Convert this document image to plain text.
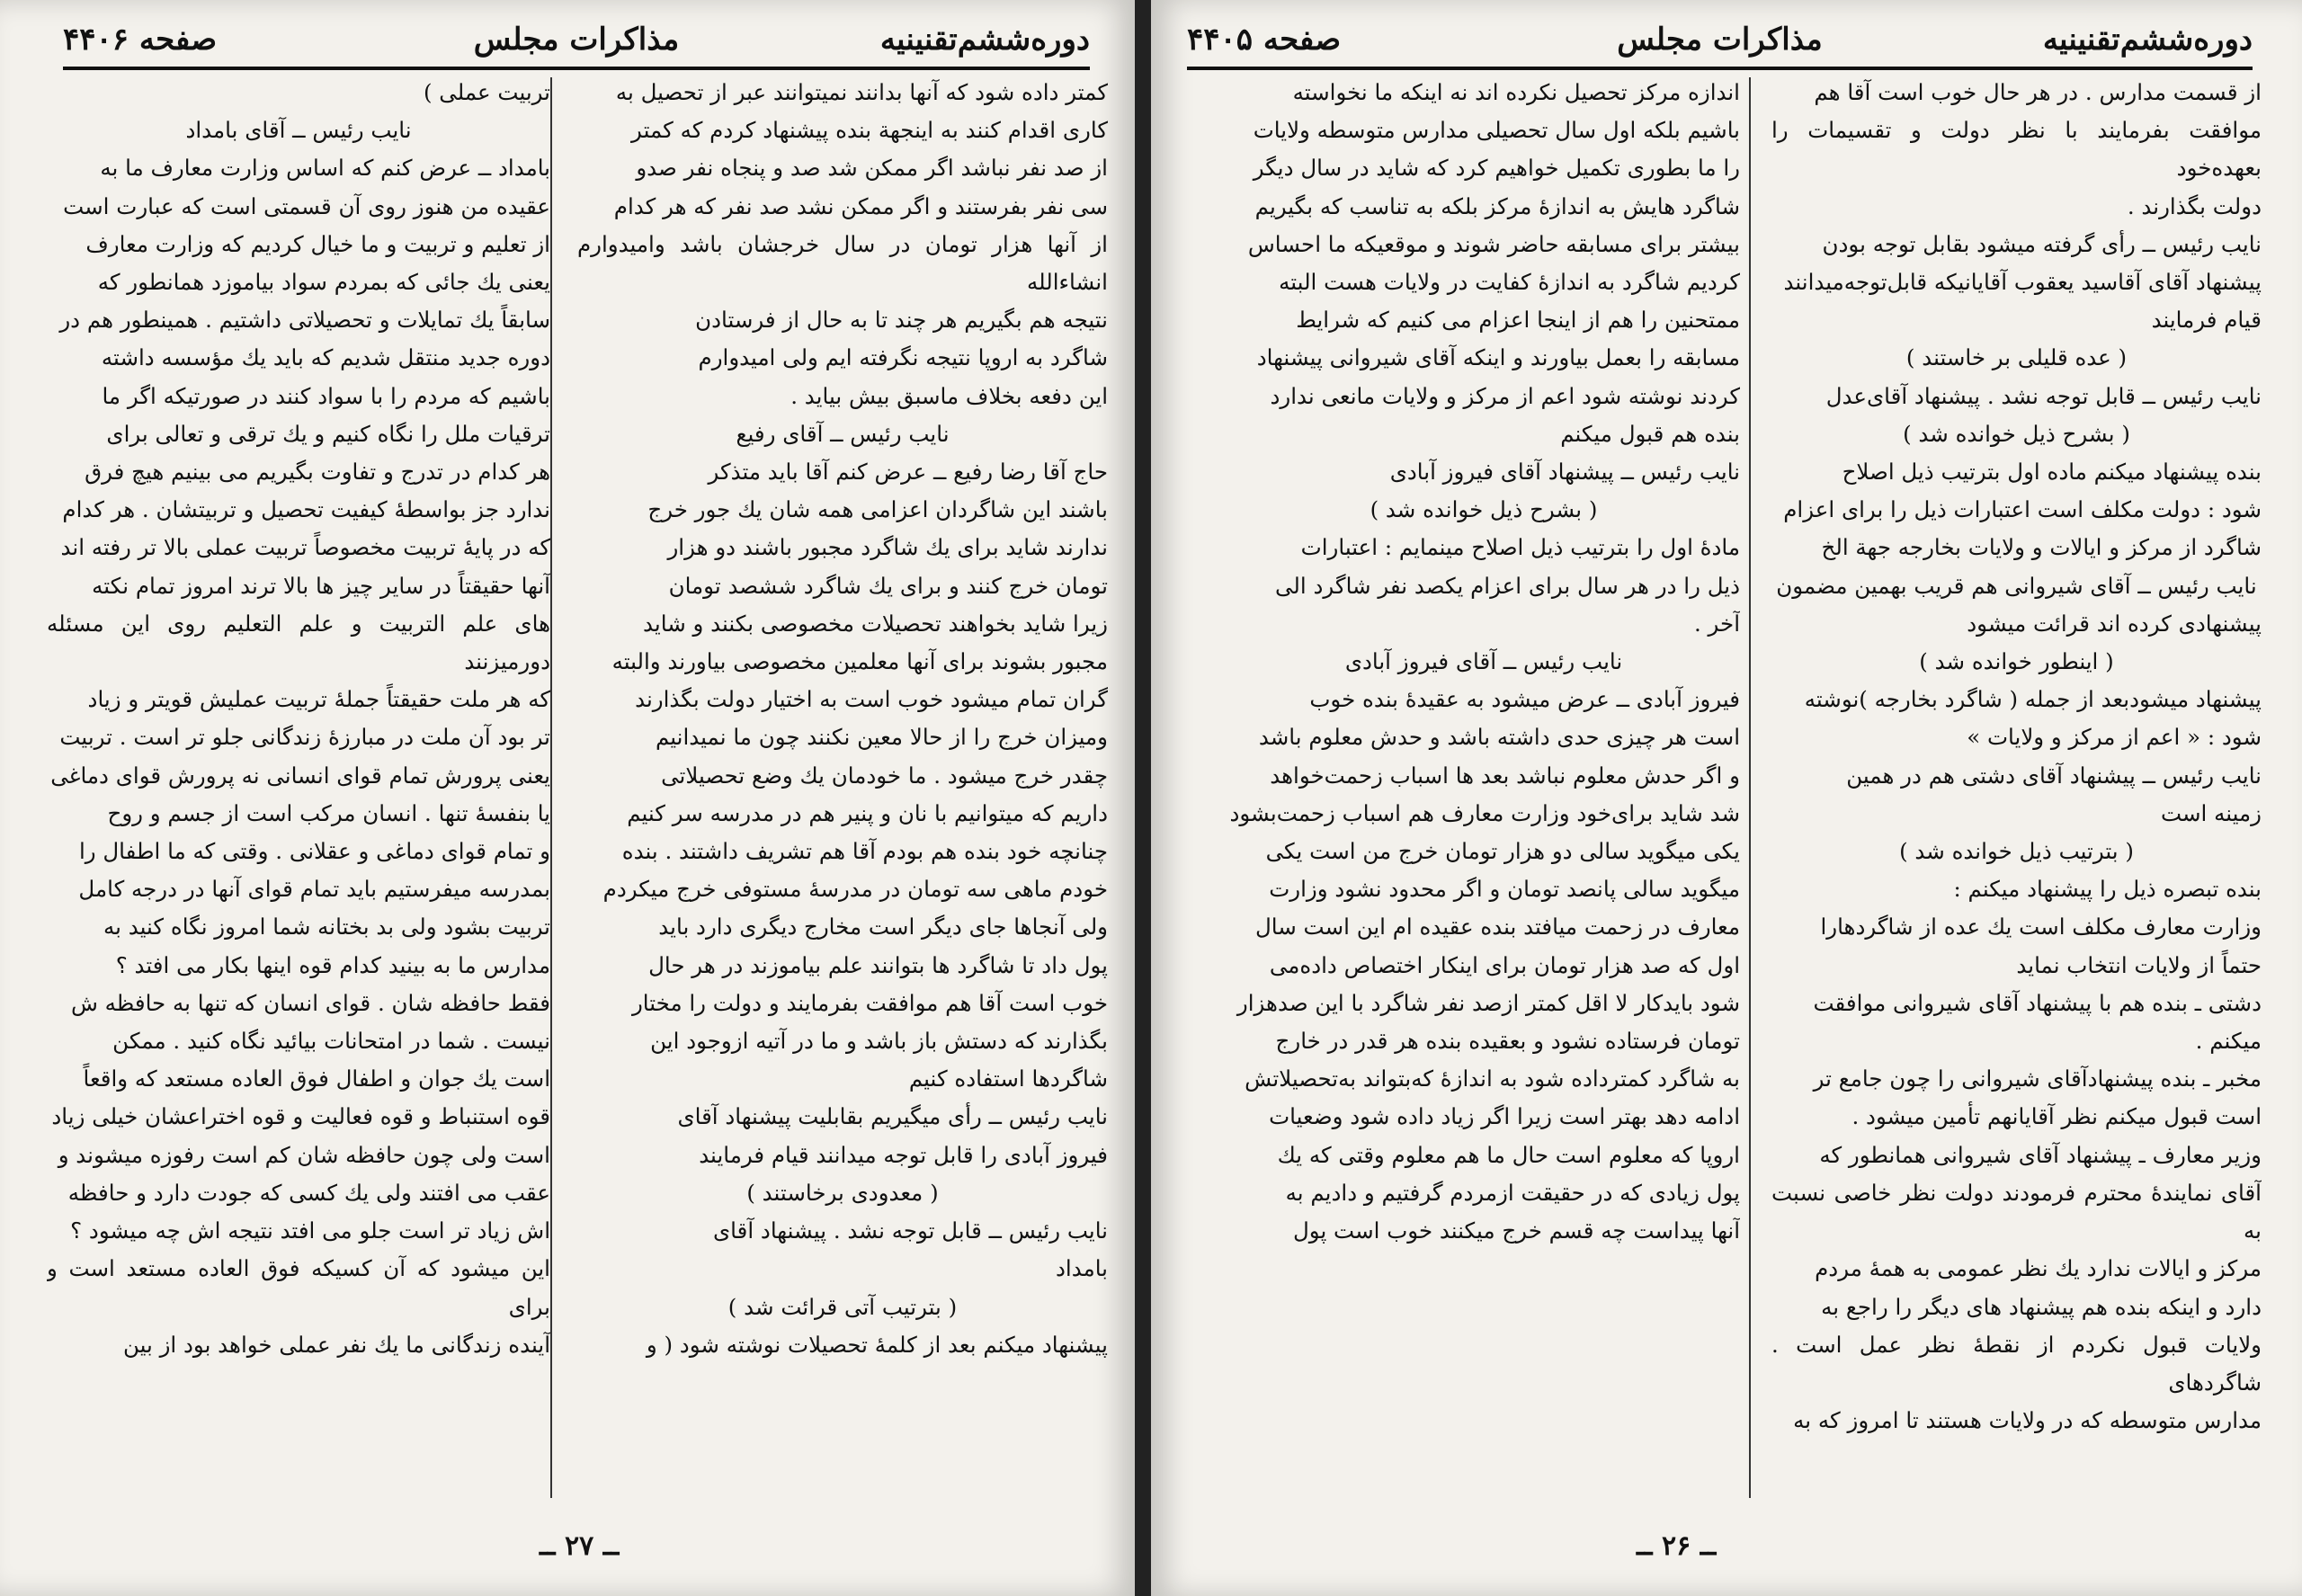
دوره‌ششم‌تقنینیه
مذاکرات مجلس
صفحه ۴۴۰۶

کمتر داده شود که آنها بدانند نمیتوانند عبر از تحصیل به

کاری اقدام کنند به اینجهة بنده پیشنهاد کردم که کمتر

از صد نفر نباشد اگر ممکن شد صد و پنجاه نفر صدو

سی نفر بفرستند و اگر ممکن نشد صد نفر که هر کدام

از آنها هزار تومان در سال خرجشان باشد وامیدوارم انشاءالله

نتیجه هم بگیریم هر چند تا به حال از فرستادن

شاگرد به اروپا نتیجه نگرفته ایم ولی امیدوارم

این دفعه بخلاف ماسبق بیش بیاید .

نایب رئیس ــ آقای رفیع

حاج آقا رضا رفیع ــ عرض کنم آقا باید متذکر

باشند این شاگردان اعزامی همه شان یك جور خرج

ندارند شاید برای یك شاگرد مجبور باشند دو هزار

تومان خرج کنند و برای یك شاگرد ششصد تومان

زیرا شاید بخواهند تحصیلات مخصوصی بکنند و شاید

مجبور بشوند برای آنها معلمین مخصوصی بیاورند والبته

گران تمام میشود خوب است به اختیار دولت بگذارند

ومیزان خرج را از حالا معین نکنند چون ما نمیدانیم

چقدر خرج میشود . ما خودمان یك وضع تحصیلاتی

داریم که میتوانیم با نان و پنیر هم در مدرسه سر کنیم

چنانچه خود بنده هم بودم آقا هم تشریف داشتند . بنده

خودم ماهی سه تومان در مدرسهٔ مستوفی خرج میکردم

ولی آنجاها جای دیگر است مخارج دیگری دارد باید

پول داد تا شاگرد ها بتوانند علم بیاموزند در هر حال

خوب است آقا هم موافقت بفرمایند و دولت را مختار

بگذارند که دستش باز باشد و ما در آتیه ازوجود این

شاگردها استفاده کنیم

نایب رئیس ــ رأی میگیریم بقابلیت پیشنهاد آقای

فیروز آبادی را قابل توجه میدانند قیام فرمایند

( معدودی برخاستند )

نایب رئیس ــ قابل توجه نشد . پیشنهاد آقای

بامداد

( بترتیب آتی قرائت شد )

پیشنهاد میکنم بعد از کلمهٔ تحصیلات نوشته شود ( و

تربیت عملی )

نایب رئیس ــ آقای بامداد

بامداد ــ عرض کنم که اساس وزارت معارف ما به

عقیده من هنوز روی آن قسمتی است که عبارت است

از تعلیم و تربیت و ما خیال کردیم که وزارت معارف

یعنی یك جائی که بمردم سواد بیاموزد همانطور که

سابقاً یك تمایلات و تحصیلاتی داشتیم . همینطور هم در

دوره جدید منتقل شدیم که باید یك مؤسسه داشته

باشیم که مردم را با سواد کنند در صورتیکه اگر ما

ترقیات ملل را نگاه کنیم و یك ترقی و تعالی برای

هر کدام در تدرج و تفاوت بگیریم می بینیم هیچ فرق

ندارد جز بواسطهٔ کیفیت تحصیل و تربیتشان . هر کدام

که در پایهٔ تربیت مخصوصاً تربیت عملی بالا تر رفته اند

آنها حقیقتاً در سایر چیز ها بالا ترند امروز تمام نکته

های علم التربیت و علم التعلیم روی این مسئله دورمیزنند

که هر ملت حقیقتاً جملهٔ تربیت عملیش قویتر و زیاد

تر بود آن ملت در مبارزهٔ زندگانی جلو تر است . تربیت

یعنی پرورش تمام قوای انسانی نه پرورش قوای دماغی

یا بنفسهٔ تنها . انسان مرکب است از جسم و روح

و تمام قوای دماغی و عقلانی . وقتی که ما اطفال را

بمدرسه میفرستیم باید تمام قوای آنها در درجه کامل

تربیت بشود ولی بد بختانه شما امروز نگاه کنید به

مدارس ما به بینید کدام قوه اینها بکار می افتد ؟

فقط حافظه شان . قوای انسان که تنها به حافظه ش

نیست . شما در امتحانات بیائید نگاه کنید . ممکن

است یك جوان و اطفال فوق العاده مستعد که واقعاً

قوه استنباط و قوه فعالیت و قوه اختراعشان خیلی زیاد

است ولی چون حافظه شان کم است رفوزه میشوند و

عقب می افتند ولی یك کسی که جودت دارد و حافظه

اش زیاد تر است جلو می افتد نتیجه اش چه میشود ؟

این میشود که آن کسیکه فوق العاده مستعد است و برای

آینده زندگانی ما یك نفر عملی خواهد بود از بین

ــ ۲۷ ــ
دوره‌ششم‌تقنینیه
مذاکرات مجلس
صفحه ۴۴۰۵

از قسمت مدارس . در هر حال خوب است آقا هم

موافقت بفرمایند با نظر دولت و تقسیمات را بعهده‌خود

دولت بگذارند .

نایب رئیس ــ رأی گرفته میشود بقابل توجه بودن

پیشنهاد آقای آقاسید یعقوب آقایانیکه قابل‌توجه‌میدانند

قیام فرمایند

( عده قلیلی بر خاستند )

نایب رئیس ــ قابل توجه نشد . پیشنهاد آقای‌عدل

( بشرح ذیل خوانده شد )

بنده پیشنهاد میکنم ماده اول بترتیب ذیل اصلاح

شود : دولت مکلف است اعتبارات ذیل را برای اعزام

شاگرد از مرکز و ایالات و ولایات بخارجه جهة الخ

نایب رئیس ــ آقای شیروانی هم قریب بهمین مضمون

پیشنهادی کرده اند قرائت میشود

( اینطور خوانده شد )

پیشنهاد میشودبعد از جمله ( شاگرد بخارجه )نوشته

شود : « اعم از مرکز و ولایات »

نایب رئیس ــ پیشنهاد آقای دشتی هم در همین

زمینه است

( بترتیب ذیل خوانده شد )

بنده تبصره ذیل را پیشنهاد میکنم :

وزارت معارف مکلف است یك عده از شاگردهارا

حتماً از ولایات انتخاب نماید

دشتی ـ بنده هم با پیشنهاد آقای شیروانی موافقت

میکنم .

مخبر ـ بنده پیشنهادآقای شیروانی را چون جامع تر

است قبول میکنم نظر آقایانهم تأمین میشود .

وزیر معارف ـ پیشنهاد آقای شیروانی همانطور که

آقای نمایندهٔ محترم فرمودند دولت نظر خاصی نسبت به

مرکز و ایالات ندارد یك نظر عمومی به همهٔ مردم

دارد و اینکه بنده هم پیشنهاد های دیگر را راجع به

ولایات قبول نکردم از نقطهٔ نظر عمل است . شاگردهای

مدارس متوسطه که در ولایات هستند تا امروز که به

اندازه مرکز تحصیل نکرده اند نه اینکه ما نخواسته

باشیم بلکه اول سال تحصیلی مدارس متوسطه ولایات

را ما بطوری تکمیل خواهیم کرد که شاید در سال دیگر

شاگرد هایش به اندازهٔ مرکز بلکه به تناسب که بگیریم

بیشتر برای مسابقه حاضر شوند و موقعیکه ما احساس

کردیم شاگرد به اندازهٔ کفایت در ولایات هست البته

ممتحنین را هم از اینجا اعزام می کنیم که شرایط

مسابقه را بعمل بیاورند و اینکه آقای شیروانی پیشنهاد

کردند نوشته شود اعم از مرکز و ولایات مانعی ندارد

بنده هم قبول میکنم

نایب رئیس ــ پیشنهاد آقای فیروز آبادی

( بشرح ذیل خوانده شد )

مادهٔ اول را بترتیب ذیل اصلاح مینمایم : اعتبارات

ذیل را در هر سال برای اعزام یکصد نفر شاگرد الی

آخر .

نایب رئیس ــ آقای فیروز آبادی

فیروز آبادی ــ عرض میشود به عقیدهٔ بنده خوب

است هر چیزی حدی داشته باشد و حدش معلوم باشد

و اگر حدش معلوم نباشد بعد ها اسباب زحمت‌خواهد

شد شاید برای‌خود وزارت معارف هم اسباب زحمت‌بشود

یکی میگوید سالی دو هزار تومان خرج من است یکی

میگوید سالی پانصد تومان و اگر محدود نشود وزارت

معارف در زحمت میافتد بنده عقیده ام این است سال

اول که صد هزار تومان برای اینکار اختصاص داده‌می

شود بایدکار لا اقل کمتر ازصد نفر شاگرد با این صدهزار

تومان فرستاده نشود و بعقیده بنده هر قدر در خارج

به شاگرد کمترداده شود به اندازهٔ که‌بتواند به‌تحصیلاتش

ادامه دهد بهتر است زیرا اگر زیاد داده شود وضعیات

اروپا که معلوم است حال ما هم معلوم وقتی که یك

پول زیادی که در حقیقت ازمردم گرفتیم و دادیم به

آنها پیداست چه قسم خرج میکنند خوب است پول

ــ ۲۶ ــ
